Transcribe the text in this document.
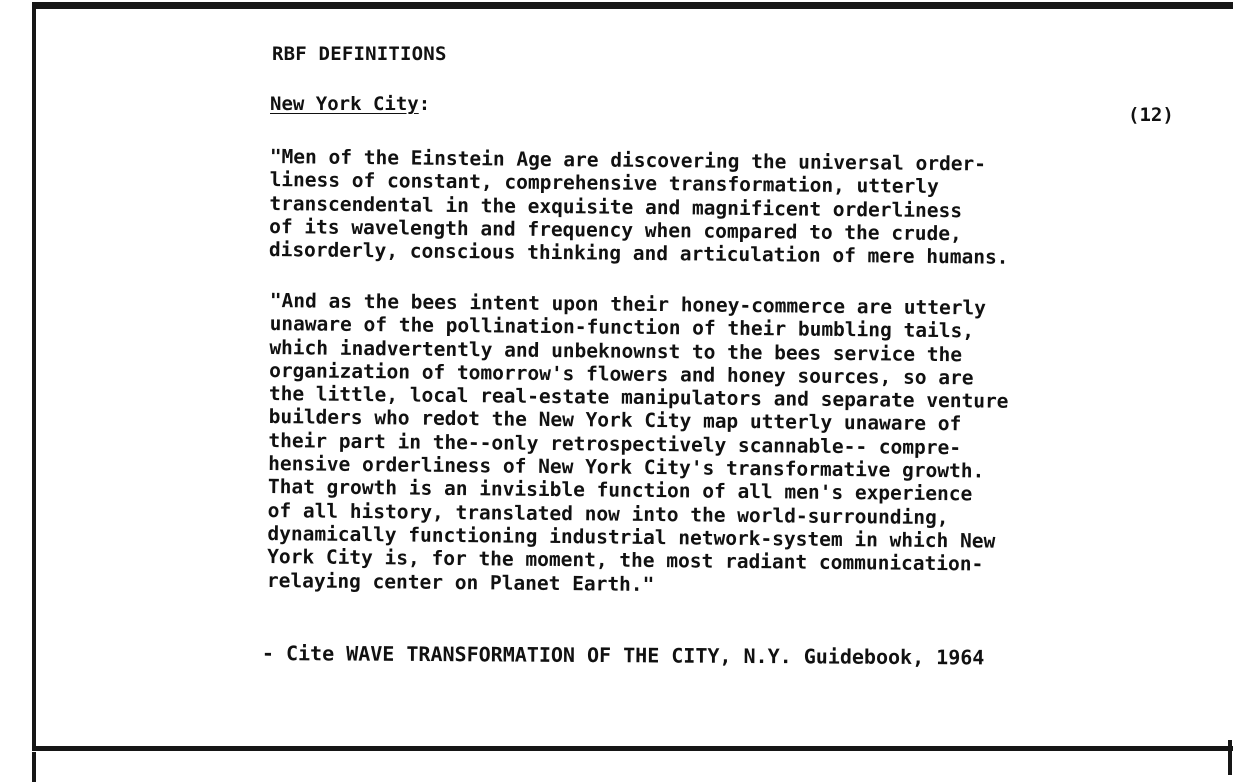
RBF DEFINITIONS
New York City:	(12)

"Men of the Einstein Age are discovering the universal order-
liness of constant, comprehensive transformation, utterly
transcendental in the exquisite and magnificent orderliness
of its wavelength and frequency when compared to the crude,
disorderly, conscious thinking and articulation of mere humans.

"And as the bees intent upon their honey-commerce are utterly
unaware of the pollination-function of their bumbling tails,
which inadvertently and unbeknownst to the bees service the
organization of tomorrow's flowers and honey sources, so are
the little, local real-estate manipulators and separate venture
builders who redot the New York City map utterly unaware of
their part in the--only retrospectively scannable-- compre-
hensive orderliness of New York City's transformative growth.
That growth is an invisible function of all men's experience
of all history, translated now into the world-surrounding,
dynamically functioning industrial network-system in which New
York City is, for the moment, the most radiant communication-
relaying center on Planet Earth."

- Cite WAVE TRANSFORMATION OF THE CITY, N.Y. Guidebook, 1964
